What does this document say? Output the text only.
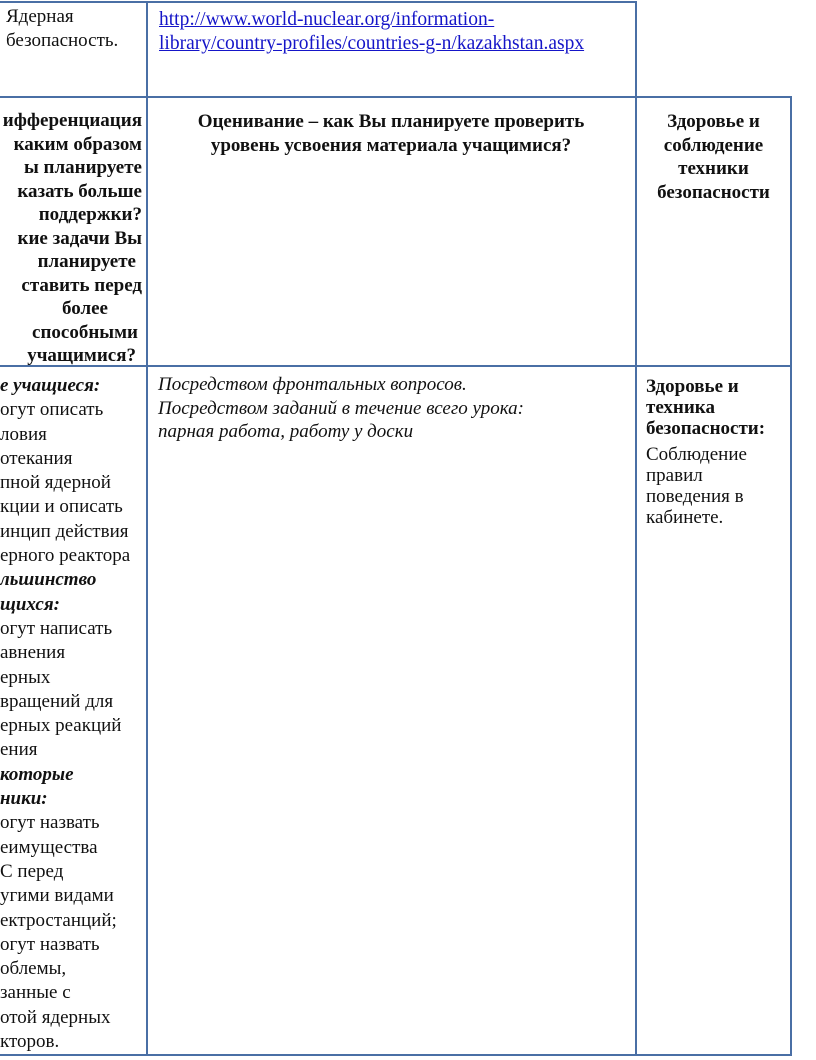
Ядерная
безопасность.
http://www.world-nuclear.org/information-
library/country-profiles/countries-g-n/kazakhstan.aspx
ифференциация
каким образом
ы планируете
казать больше
поддержки?
кие задачи Вы
планируете
ставить перед
более
способными
учащимися?
Оценивание – как Вы планируете проверить
уровень усвоения материала учащимися?
Здоровье и
соблюдение
техники
безопасности
е учащиеся:
огут описать
ловия
отекания
пной ядерной
кции и описать
инцип действия
ерного реактора
льшинство
щихся:
огут написать
авнения
ерных
вращений для
ерных реакций
ения
которые
ники:
огут назвать
еимущества
С перед
угими видами
ектростанций;
огут назвать
облемы,
занные с
отой ядерных
кторов.
Посредством фронтальных вопросов.
Посредством заданий в течение всего урока:
парная работа, работу у доски
Здоровье и
техника
безопасности:
Соблюдение
правил
поведения в
кабинете.
